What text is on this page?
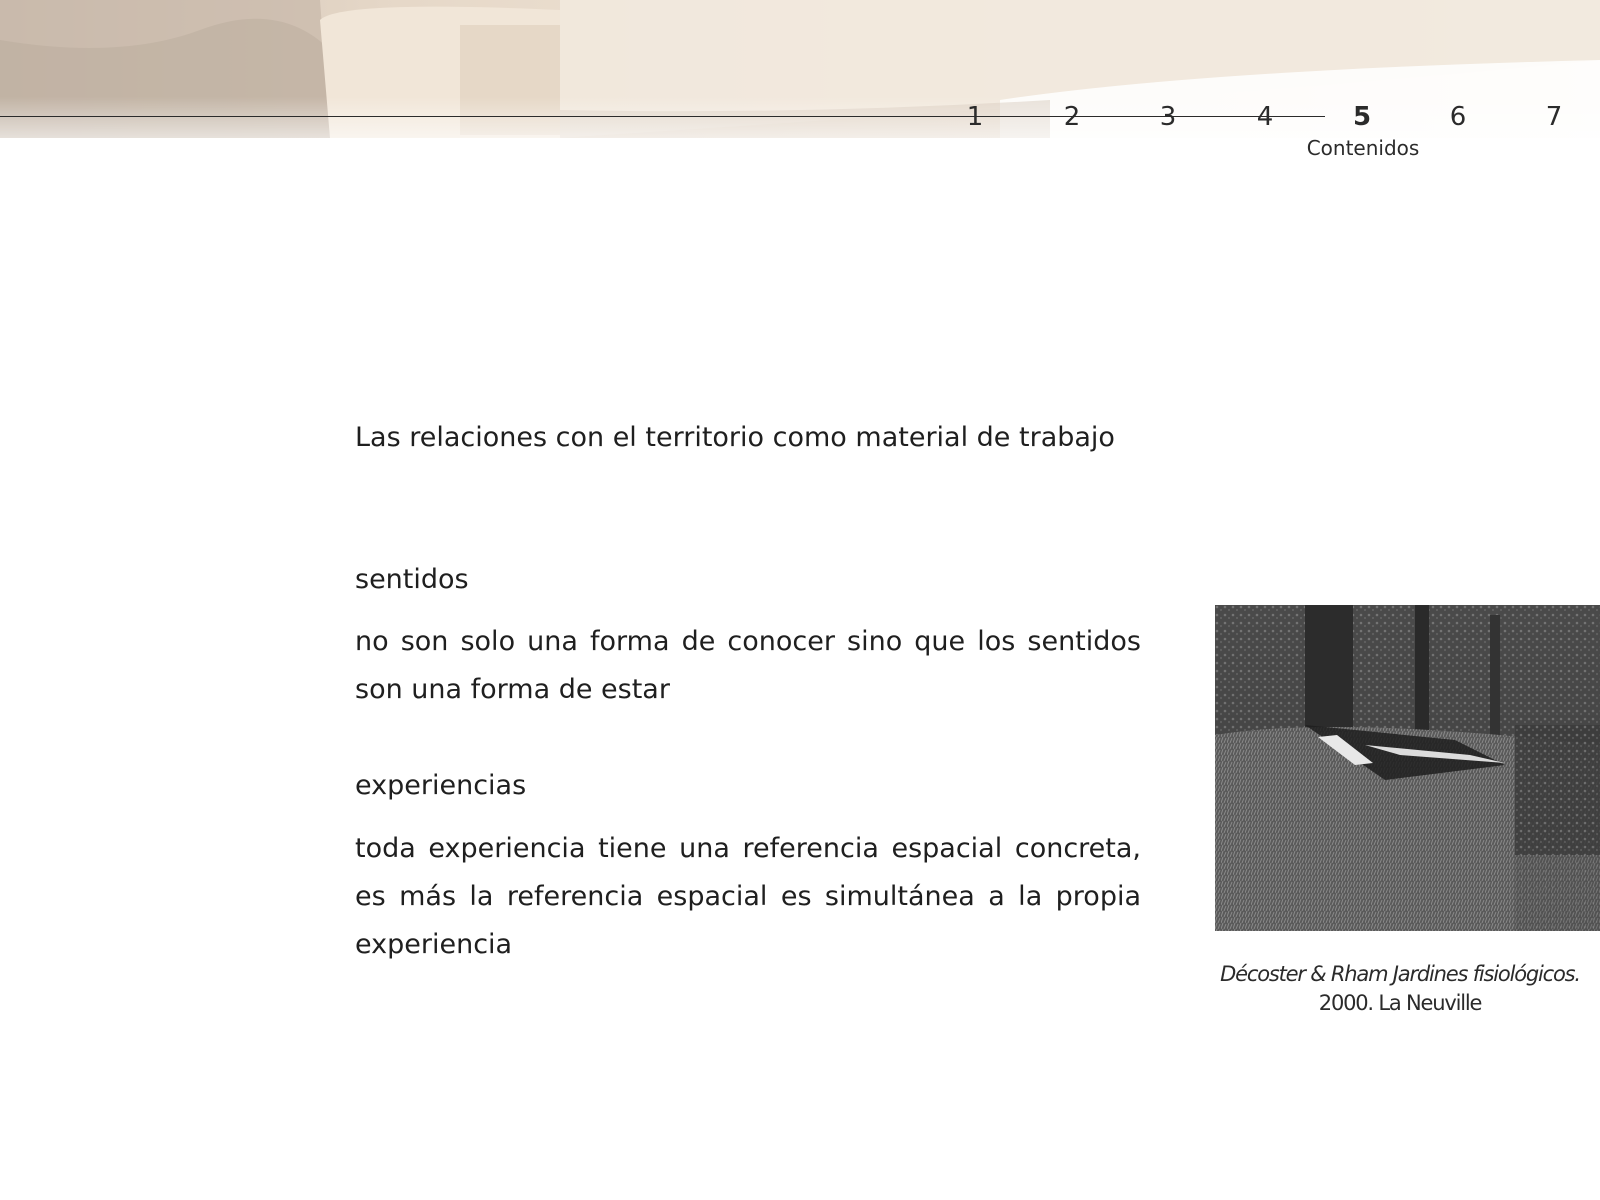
1	2	3	4	5	6	7
Contenidos
Las relaciones con el territorio como material de trabajo

sentidos

no son solo una forma de conocer sino que los sentidos son una forma de estar

experiencias

toda experiencia tiene una referencia espacial concreta, es más la referencia espacial es simultánea a la propia experiencia

Décoster & Rham Jardines fisiológicos.
2000. La Neuville
